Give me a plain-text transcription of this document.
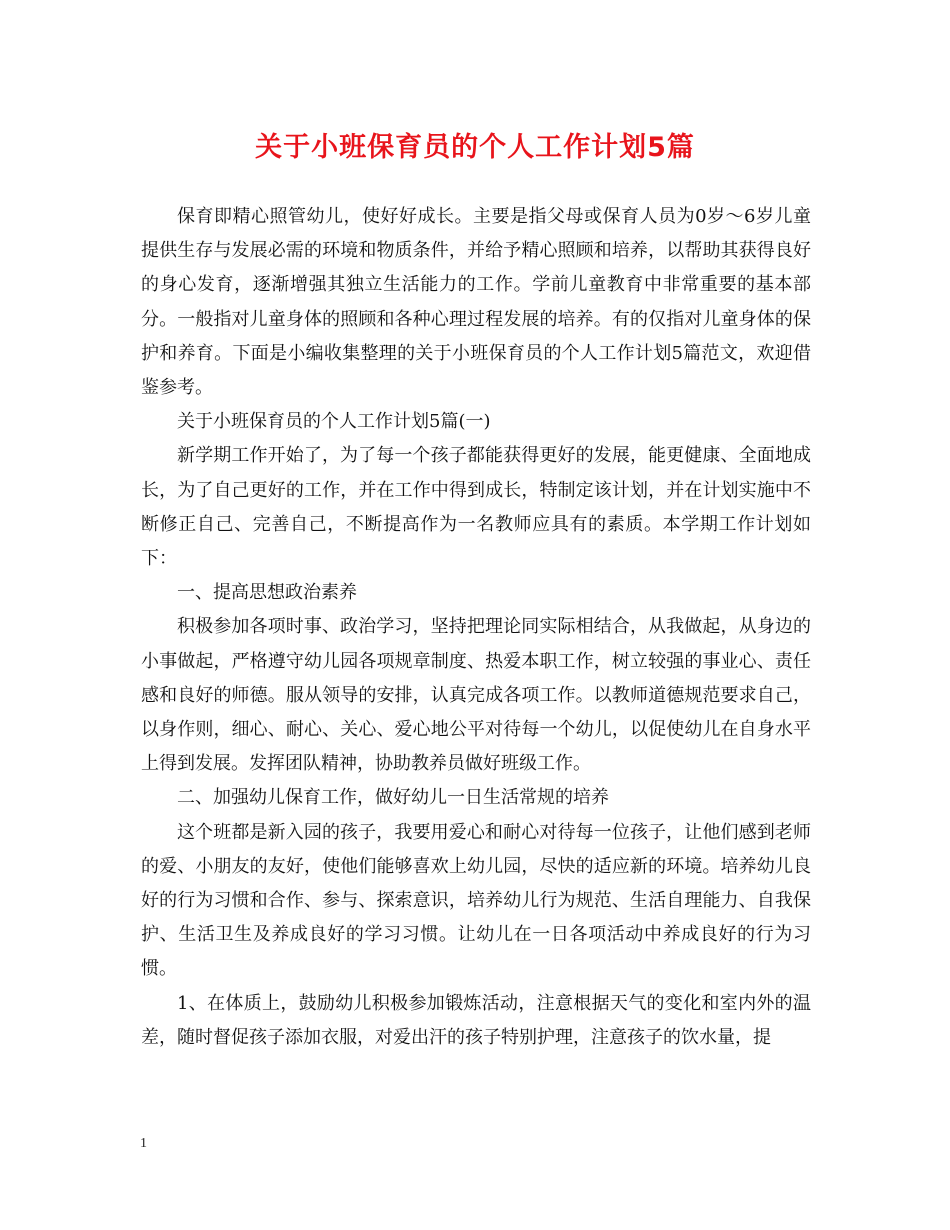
关于小班保育员的个人工作计划5篇

保育即精心照管幼儿，使好好成长。主要是指父母或保育人员为0岁～6岁儿童提供生存与发展必需的环境和物质条件，并给予精心照顾和培养，以帮助其获得良好的身心发育，逐渐增强其独立生活能力的工作。学前儿童教育中非常重要的基本部分。一般指对儿童身体的照顾和各种心理过程发展的培养。有的仅指对儿童身体的保护和养育。下面是小编收集整理的关于小班保育员的个人工作计划5篇范文，欢迎借鉴参考。

关于小班保育员的个人工作计划5篇(一)

新学期工作开始了，为了每一个孩子都能获得更好的发展，能更健康、全面地成长，为了自己更好的工作，并在工作中得到成长，特制定该计划，并在计划实施中不断修正自己、完善自己，不断提高作为一名教师应具有的素质。本学期工作计划如下：

一、提高思想政治素养

积极参加各项时事、政治学习，坚持把理论同实际相结合，从我做起，从身边的小事做起，严格遵守幼儿园各项规章制度、热爱本职工作，树立较强的事业心、责任感和良好的师德。服从领导的安排，认真完成各项工作。以教师道德规范要求自己，以身作则，细心、耐心、关心、爱心地公平对待每一个幼儿，以促使幼儿在自身水平上得到发展。发挥团队精神，协助教养员做好班级工作。

二、加强幼儿保育工作，做好幼儿一日生活常规的培养

这个班都是新入园的孩子，我要用爱心和耐心对待每一位孩子，让他们感到老师的爱、小朋友的友好，使他们能够喜欢上幼儿园，尽快的适应新的环境。培养幼儿良好的行为习惯和合作、参与、探索意识，培养幼儿行为规范、生活自理能力、自我保护、生活卫生及养成良好的学习习惯。让幼儿在一日各项活动中养成良好的行为习惯。

1、在体质上，鼓励幼儿积极参加锻炼活动，注意根据天气的变化和室内外的温差，随时督促孩子添加衣服，对爱出汗的孩子特别护理，注意孩子的饮水量，提

1
